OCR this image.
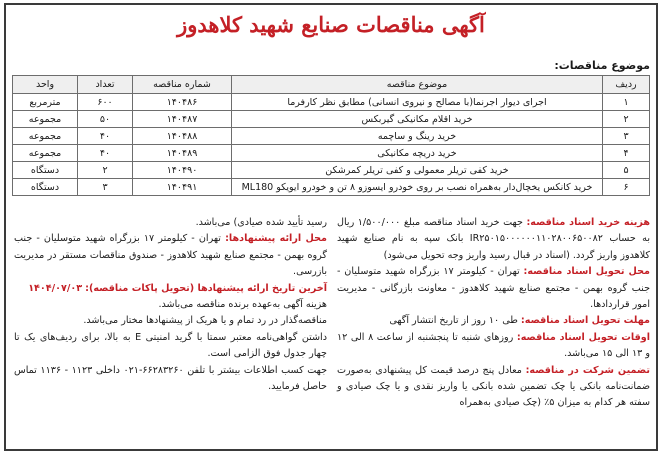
آگهی مناقصات صنایع شهید کلاهدوز
موضوع مناقصات:
ردیف	موضوع مناقصه	شماره مناقصه	تعداد	واحد
۱	اجرای دیوار اجرنما(با مصالح و نیروی انسانی) مطابق نظر کارفرما	۱۴۰۴۸۶	۶۰۰	مترمربع
۲	خرید اقلام مکانیکی گیربکس	۱۴۰۴۸۷	۵۰	مجموعه
۳	خرید رینگ و ساچمه	۱۴۰۴۸۸	۴۰	مجموعه
۴	خرید دریچه مکانیکی	۱۴۰۴۸۹	۴۰	مجموعه
۵	خرید کفی تریلر معمولی و کفی تریلر کمرشکن	۱۴۰۴۹۰	۲	دستگاه
۶	خرید کانکس یخچال‌دار به‌همراه نصب بر روی خودرو ایسوزو ۸ تن و خودرو ایویکو ML180	۱۴۰۴۹۱	۳	دستگاه

هزینه خرید اسناد مناقصه: جهت خرید اسناد مناقصه مبلغ ۱/۵۰۰/۰۰۰ ریال به حساب IR۲۵۰۱۵۰۰۰۰۰۰۱۱۰۲۸۰۰۶۵۰۰۸۲ بانک سپه به نام صنایع شهید کلاهدوز واریز گردد. (اسناد در قبال رسید واریز وجه تحویل می‌شود)

محل تحویل اسناد مناقصه: تهران - کیلومتر ۱۷ بزرگراه شهید متوسلیان - جنب گروه بهمن - مجتمع صنایع شهید کلاهدوز - معاونت بازرگانی - مدیریت امور قراردادها.

مهلت تحویل اسناد مناقصه: طی ۱۰ روز از تاریخ انتشار آگهی

اوقات تحویل اسناد مناقصه: روزهای شنبه تا پنجشنبه از ساعت ۸ الی ۱۲ و ۱۳ الی ۱۵ می‌باشد.

تضمین شرکت در مناقصه: معادل پنج درصد قیمت کل پیشنهادی به‌صورت ضمانت‌نامه بانکی یا چک تضمین شده بانکی یا واریز نقدی و یا چک صیادی و سفته هر کدام به میزان ۵٪ (چک صیادی به‌همراه

رسید تأیید شده صیادی) می‌باشد.

محل ارائه پیشنهادها: تهران - کیلومتر ۱۷ بزرگراه شهید متوسلیان - جنب گروه بهمن - مجتمع صنایع شهید کلاهدوز - صندوق مناقصات مستقر در مدیریت بازرسی.

آخرین تاریخ ارائه پیشنهادها (تحویل پاکات مناقصه): ۱۴۰۴/۰۷/۰۳

هزینه آگهی به‌عهده برنده مناقصه می‌باشد.

مناقصه‌گذار در رد تمام و یا هریک از پیشنهادها مختار می‌باشد.

داشتن گواهی‌نامه معتبر سمتا با گرید امنیتی E به بالا، برای ردیف‌های یک تا چهار جدول فوق الزامی است.

جهت کسب اطلاعات بیشتر با تلفن ۶۶۲۸۳۲۶۰-۰۲۱ داخلی ۱۱۲۳ - ۱۱۳۶ تماس حاصل فرمایید.
